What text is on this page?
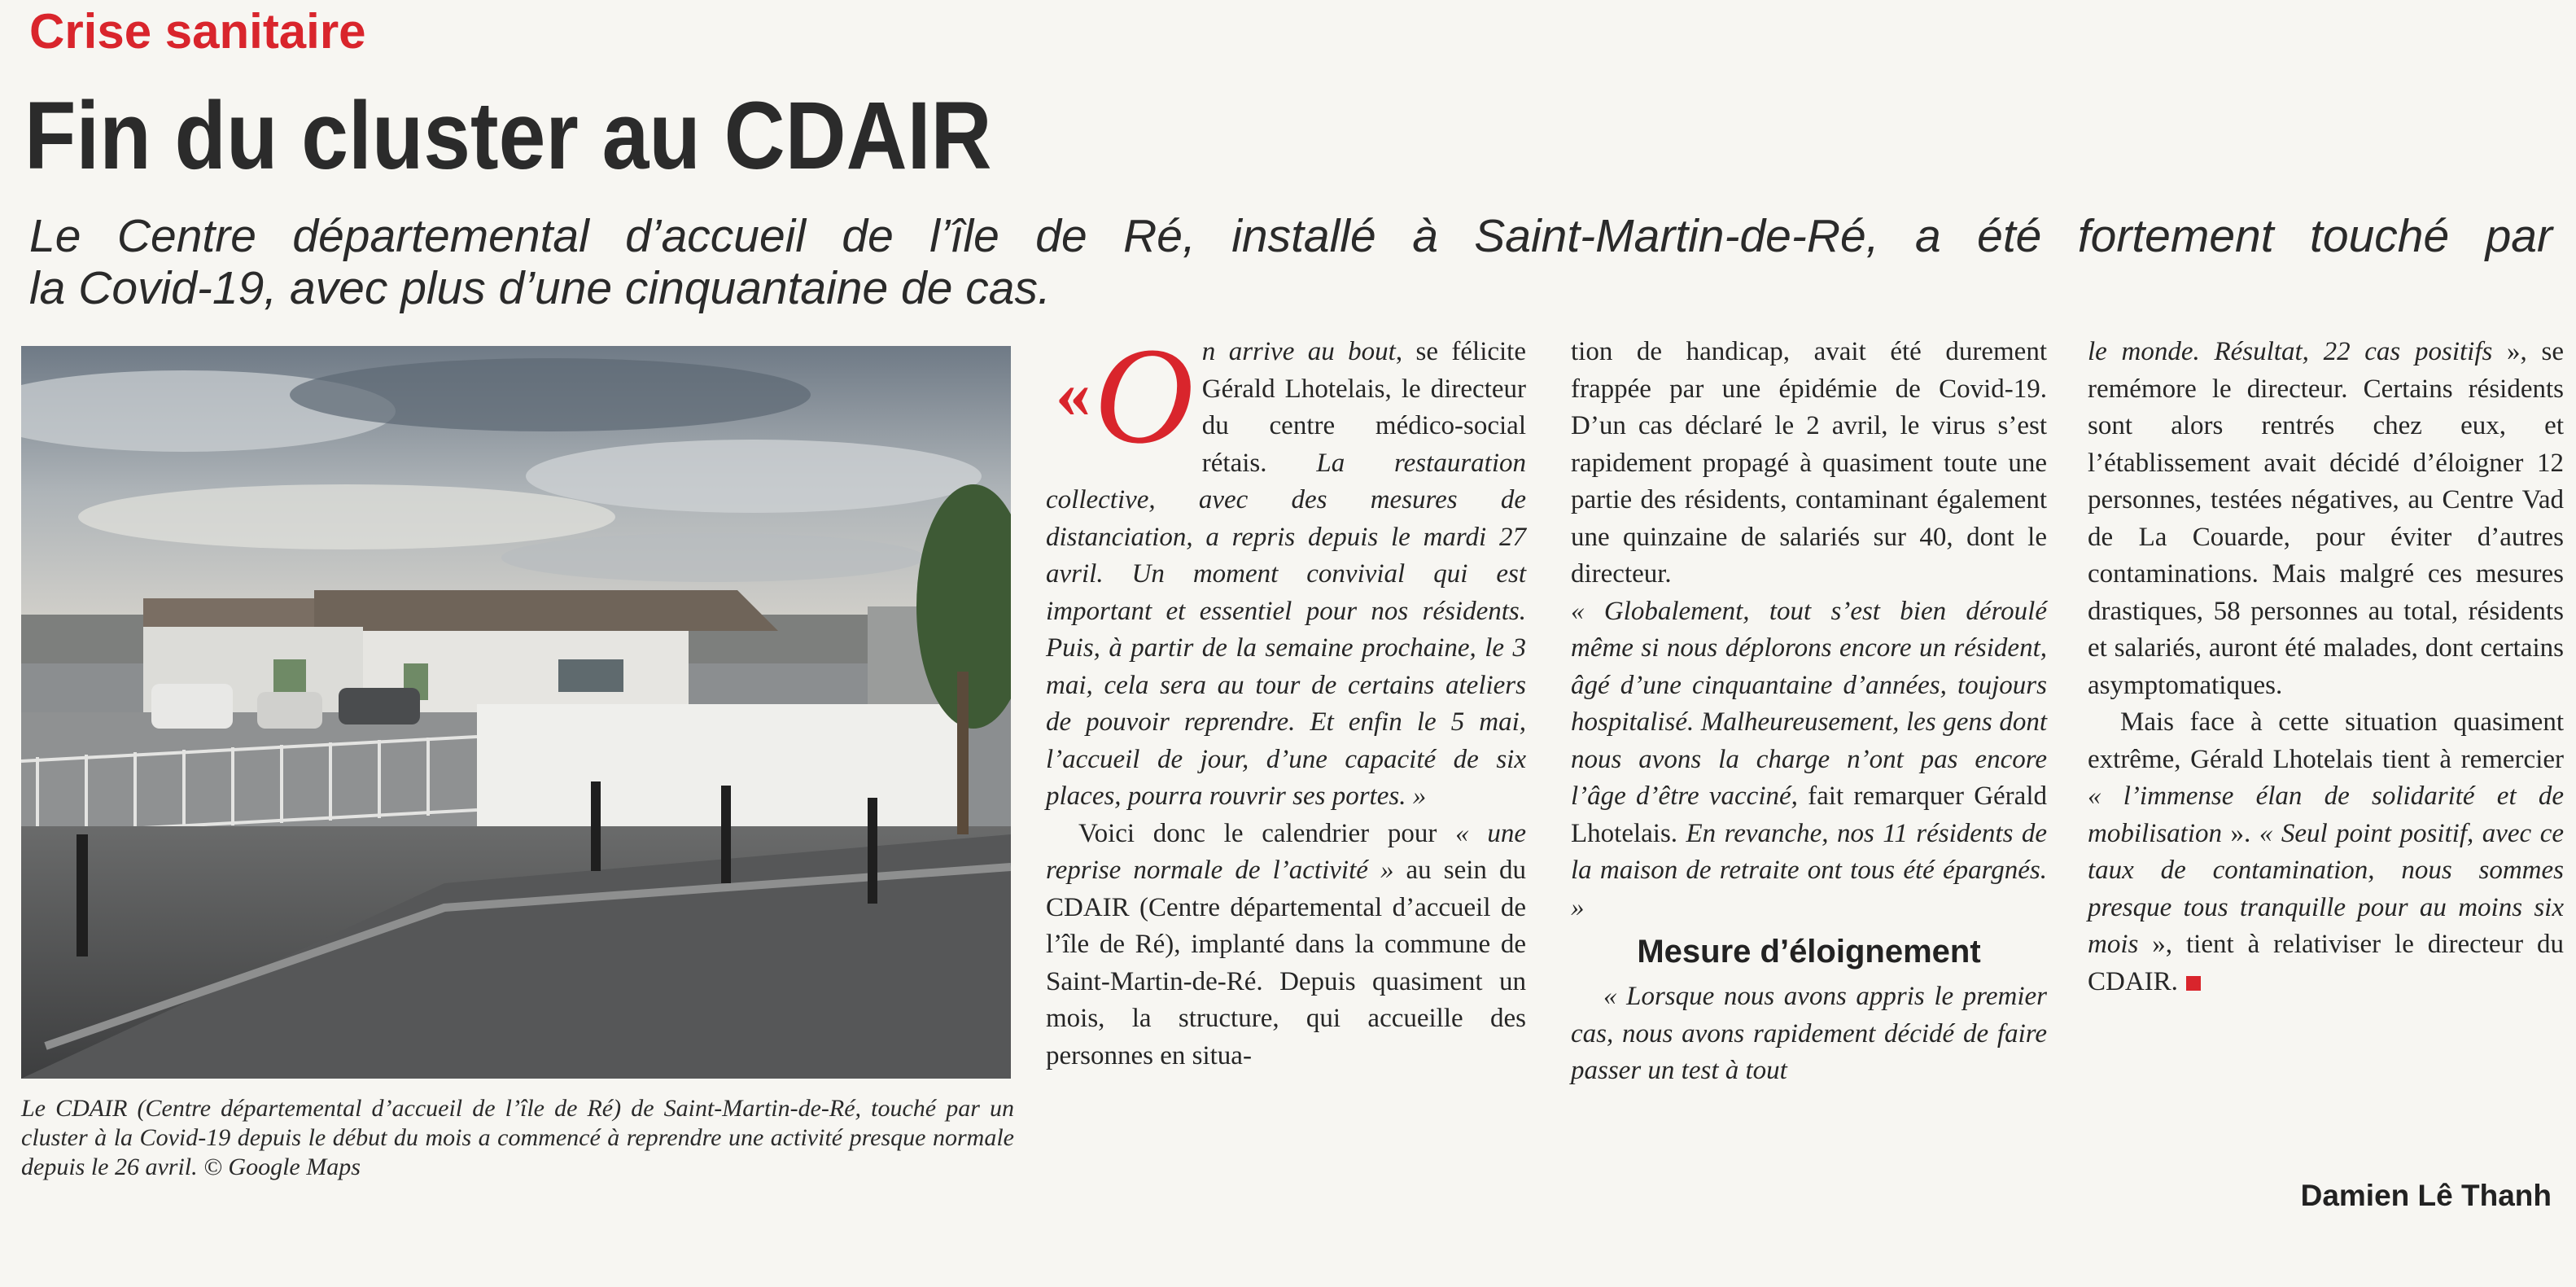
Crise sanitaire
Fin du cluster au CDAIR
Le Centre départemental d’accueil de l’île de Ré, installé à Saint-Martin-de-Ré, a été fortement touché par
la Covid-19, avec plus d’une cinquantaine de cas.
Le CDAIR (Centre départemental d’accueil de l’île de Ré) de Saint-Martin-de-Ré, touché par un cluster à la Covid-19 depuis le début du mois a commencé à reprendre une activité presque normale depuis le 26 avril. © Google Maps

« O n arrive au bout, se félicite Gérald Lhotelais, le directeur du centre médico-social rétais. La restauration collective, avec des mesures de distanciation, a repris depuis le mardi 27 avril. Un moment convivial qui est important et essentiel pour nos résidents. Puis, à partir de la semaine prochaine, le 3 mai, cela sera au tour de certains ateliers de pouvoir reprendre. Et enfin le 5 mai, l’accueil de jour, d’une capacité de six places, pourra rouvrir ses portes. »

Voici donc le calendrier pour « une reprise normale de l’activité » au sein du CDAIR (Centre départemental d’accueil de l’île de Ré), implanté dans la commune de Saint-Martin-de-Ré. Depuis quasiment un mois, la structure, qui accueille des personnes en situa-

tion de handicap, avait été durement frappée par une épidémie de Covid-19. D’un cas déclaré le 2 avril, le virus s’est rapidement propagé à quasiment toute une partie des résidents, contaminant également une quinzaine de salariés sur 40, dont le directeur.

« Globalement, tout s’est bien déroulé même si nous déplorons encore un résident, âgé d’une cinquantaine d’années, toujours hospitalisé. Malheureusement, les gens dont nous avons la charge n’ont pas encore l’âge d’être vacciné, fait remarquer Gérald Lhotelais. En revanche, nos 11 résidents de la maison de retraite ont tous été épargnés. »

Mesure d’éloignement

« Lorsque nous avons appris le premier cas, nous avons rapidement décidé de faire passer un test à tout

le monde. Résultat, 22 cas positifs », se remémore le directeur. Certains résidents sont alors rentrés chez eux, et l’établissement avait décidé d’éloigner 12 personnes, testées négatives, au Centre Vad de La Couarde, pour éviter d’autres contaminations. Mais malgré ces mesures drastiques, 58 personnes au total, résidents et salariés, auront été malades, dont certains asymptomatiques.

Mais face à cette situation quasiment extrême, Gérald Lhotelais tient à remercier « l’immense élan de solidarité et de mobilisation ». « Seul point positif, avec ce taux de contamination, nous sommes presque tous tranquille pour au moins six mois », tient à relativiser le directeur du CDAIR.

Damien Lê Thanh
